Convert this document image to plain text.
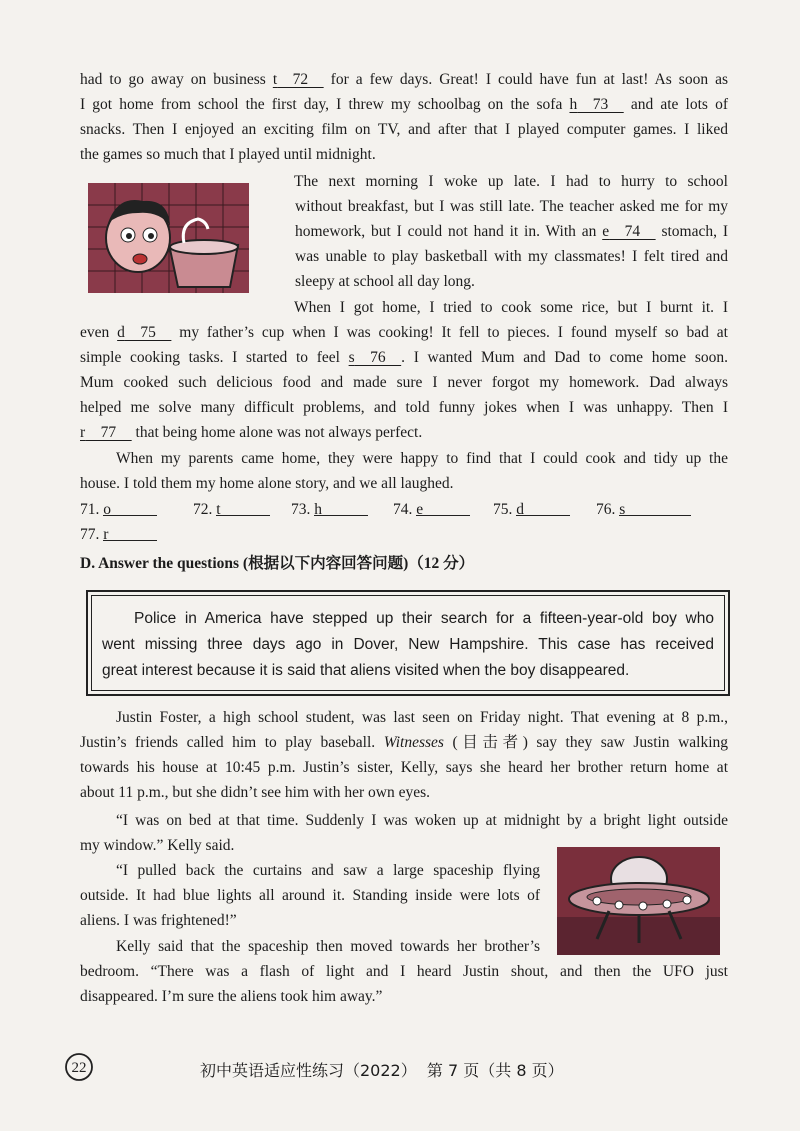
had to go away on business t 72  for a few days. Great! I could have fun at last! As soon as
I got home from school the first day, I threw my schoolbag on the sofa h 73  and ate lots of
snacks. Then I enjoyed an exciting film on TV, and after that I played computer games. I liked
the games so much that I played until midnight.
The next morning I woke up late. I had to hurry to school
without breakfast, but I was still late. The teacher asked me for my
homework, but I could not hand it in. With an e 74  stomach, I
was unable to play basketball with my classmates! I felt tired and
sleepy at school all day long.
When I got home, I tried to cook some rice, but I burnt it. I
even d 75  my father’s cup when I was cooking! It fell to pieces. I found myself so bad at
simple cooking tasks. I started to feel s 76 . I wanted Mum and Dad to come home soon.
Mum cooked such delicious food and made sure I never forgot my homework. Dad always
helped me solve many difficult problems, and told funny jokes when I was unhappy. Then I
r 77  that being home alone was not always perfect.
When my parents came home, they were happy to find that I could cook and tidy up the
house. I told them my home alone story, and we all laughed.
71. o	72. t	73. h	74. e	75. d	76. s
77. r
D. Answer the questions (根据以下内容回答问题)（12 分）
Police in America have stepped up their search for a fifteen-year-old boy who
went missing three days ago in Dover, New Hampshire. This case has received
great interest because it is said that aliens visited when the boy disappeared.
Justin Foster, a high school student, was last seen on Friday night. That evening at 8 p.m.,
Justin’s friends called him to play baseball. Witnesses (目击者) say they saw Justin walking
towards his house at 10:45 p.m. Justin’s sister, Kelly, says she heard her brother return home at
about 11 p.m., but she didn’t see him with her own eyes.
“I was on bed at that time. Suddenly I was woken up at midnight by a bright light outside
my window.” Kelly said.
“I pulled back the curtains and saw a large spaceship flying
outside. It had blue lights all around it. Standing inside were lots of
aliens. I was frightened!”
Kelly said that the spaceship then moved towards her brother’s
bedroom. “There was a flash of light and I heard Justin shout, and then the UFO just
disappeared. I’m sure the aliens took him away.”
22	初中英语适应性练习（2022）  第 7 页（共 8 页）
